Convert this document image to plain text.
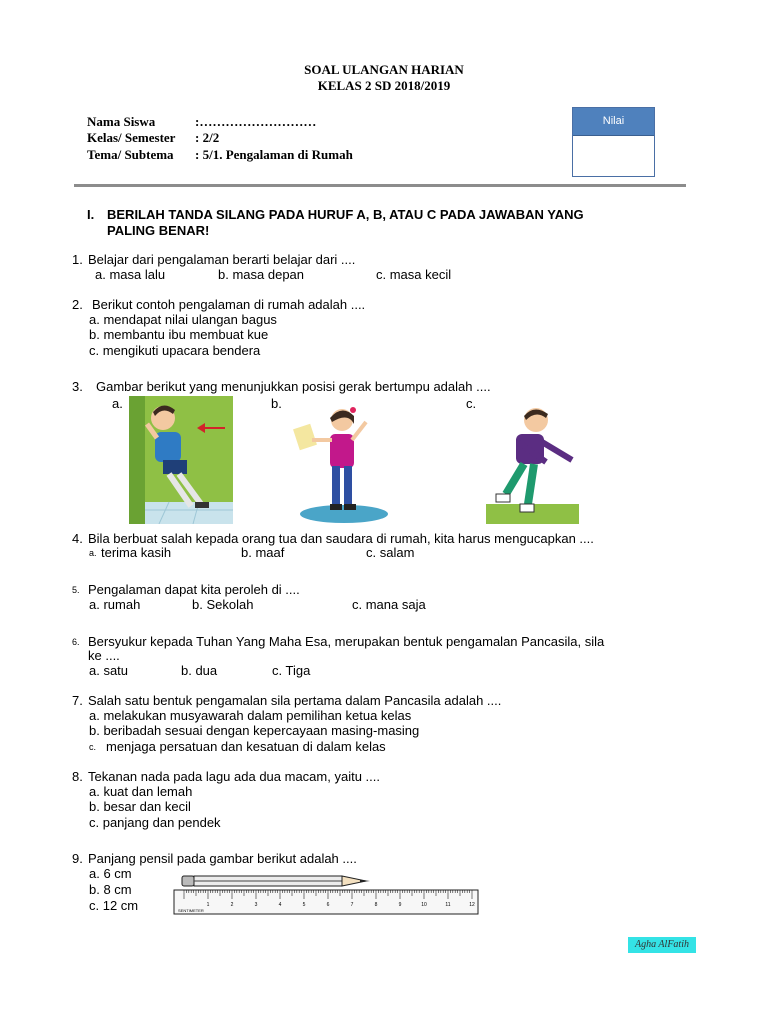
SOAL ULANGAN HARIAN
KELAS 2 SD 2018/2019
Nama Siswa	:………………………
Kelas/ Semester : 2/2
Tema/ Subtema : 5/1. Pengalaman di Rumah
Nilai
I. BERILAH TANDA SILANG PADA HURUF A, B, ATAU C PADA JAWABAN YANG
PALING BENAR!
1. Belajar dari pengalaman berarti belajar dari ....
a. masa lalu	b. masa depan	c. masa kecil
2. Berikut contoh pengalaman di rumah adalah ....
a. mendapat nilai ulangan bagus
b. membantu ibu membuat kue
c. mengikuti upacara bendera
3. Gambar berikut yang menunjukkan posisi gerak bertumpu adalah ....
a.	b.	c.
4. Bila berbuat salah kepada orang tua dan saudara di rumah, kita harus mengucapkan ....
a. terima kasih	b. maaf	c. salam
5. Pengalaman dapat kita peroleh di ....
a. rumah	b. Sekolah	c. mana saja
6. Bersyukur kepada Tuhan Yang Maha Esa, merupakan bentuk pengamalan Pancasila, sila
ke ....
a. satu	b. dua	c. Tiga
7. Salah satu bentuk pengamalan sila pertama dalam Pancasila adalah ....
a. melakukan musyawarah dalam pemilihan ketua kelas
b. beribadah sesuai dengan kepercayaan masing-masing
c. menjaga persatuan dan kesatuan di dalam kelas
8. Tekanan nada pada lagu ada dua macam, yaitu ....
a. kuat dan lemah
b. besar dan kecil
c. panjang dan pendek
9. Panjang pensil pada gambar berikut adalah ....
a. 6 cm
b. 8 cm
c. 12 cm	1	2	3	4	5	6	7	8	9	10	11	12
SENTIMETER
Agha AlFatih
